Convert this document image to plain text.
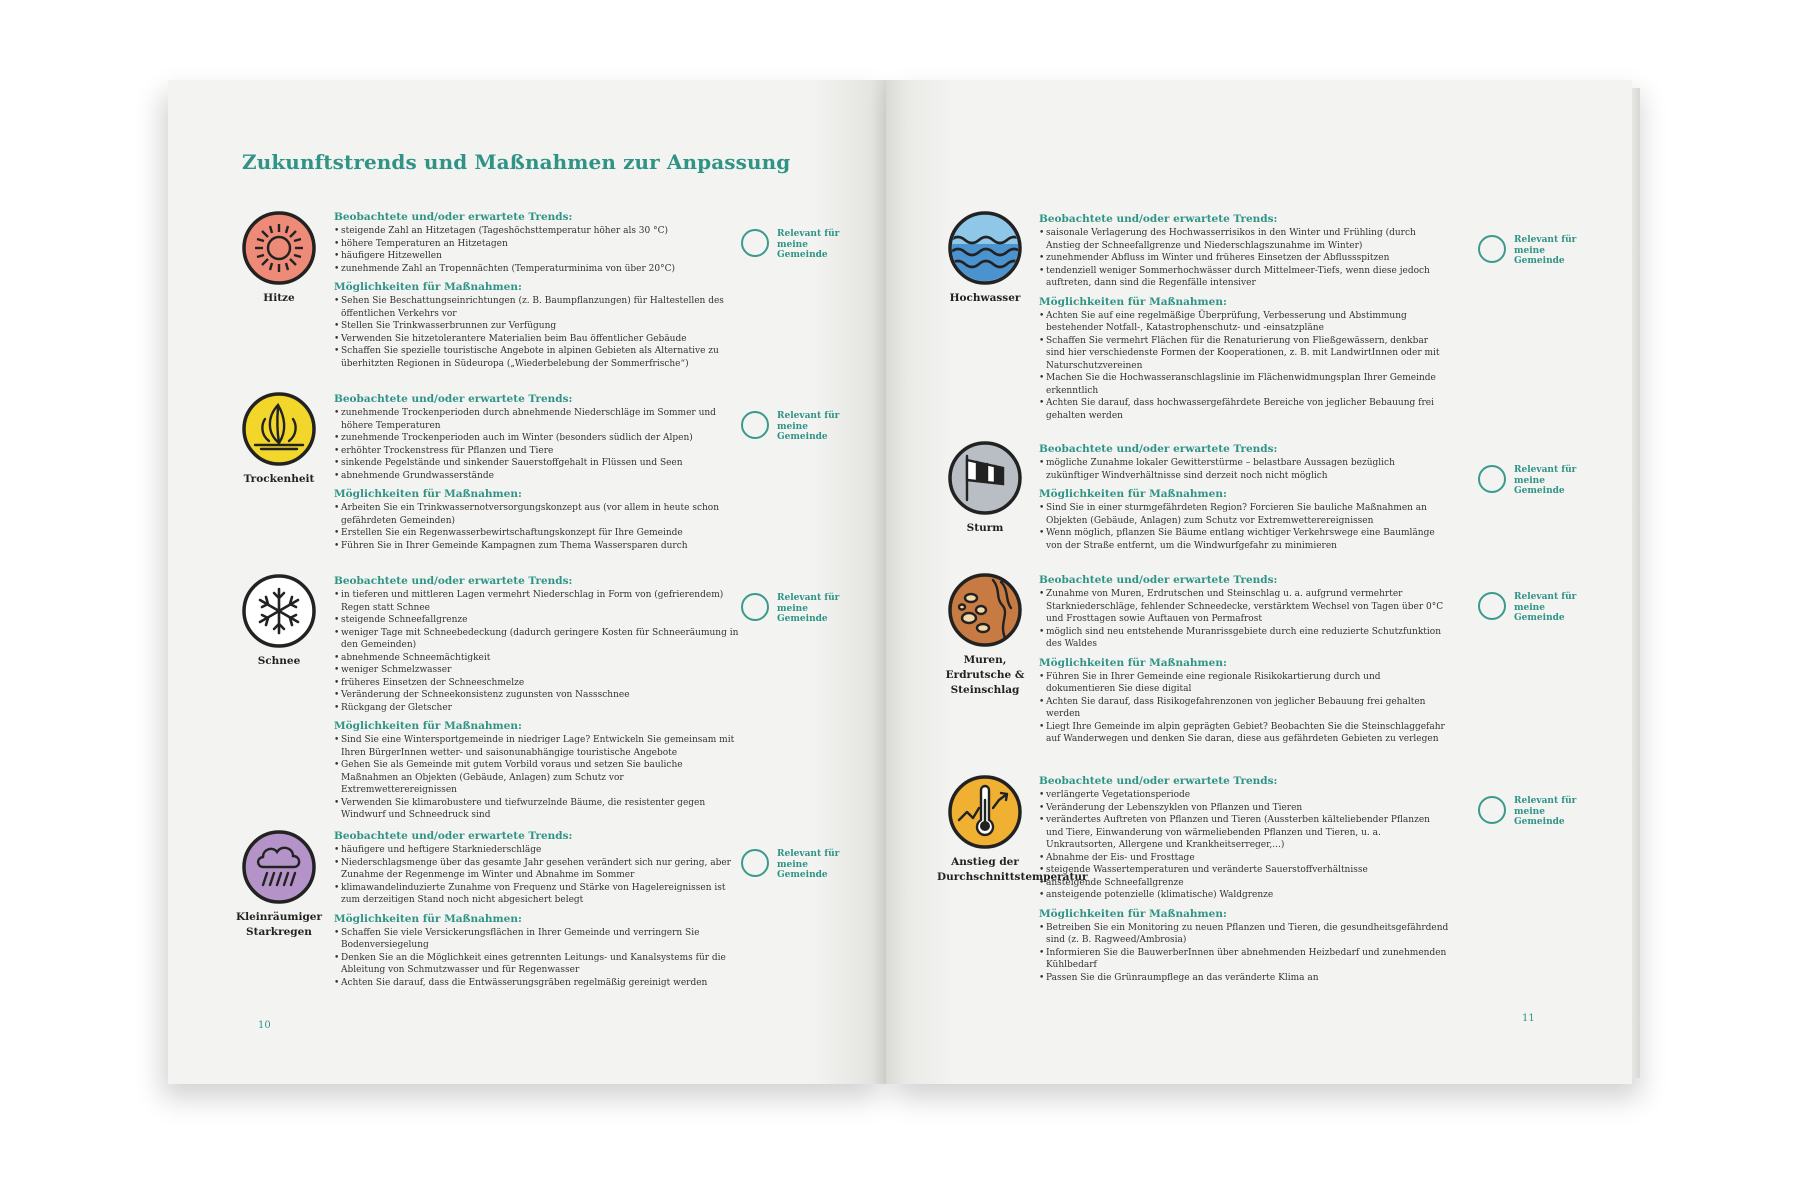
Zukunftstrends und Maßnahmen zur Anpassung
Hitze
Beobachtete und/oder erwartete Trends:
• steigende Zahl an Hitzetagen (Tageshöchsttemperatur höher als 30 °C)
• höhere Temperaturen an Hitzetagen
• häufigere Hitzewellen
• zunehmende Zahl an Tropennächten (Temperaturminima von über 20°C)
Möglichkeiten für Maßnahmen:
• Sehen Sie Beschattungseinrichtungen (z. B. Baumpflanzungen) für Haltestellen des öffentlichen Verkehrs vor
• Stellen Sie Trinkwasserbrunnen zur Verfügung
• Verwenden Sie hitzetolerantere Materialien beim Bau öffentlicher Gebäude
• Schaffen Sie spezielle touristische Angebote in alpinen Gebieten als Alternative zu überhitzten Regionen in Südeuropa („Wiederbelebung der Sommerfrische“)
Relevant für meine Gemeinde
Trockenheit
Beobachtete und/oder erwartete Trends:
• zunehmende Trockenperioden durch abnehmende Niederschläge im Sommer und höhere Temperaturen
• zunehmende Trockenperioden auch im Winter (besonders südlich der Alpen)
• erhöhter Trockenstress für Pflanzen und Tiere
• sinkende Pegelstände und sinkender Sauerstoffgehalt in Flüssen und Seen
• abnehmende Grundwasserstände
Möglichkeiten für Maßnahmen:
• Arbeiten Sie ein Trinkwassernotversorgungskonzept aus (vor allem in heute schon gefährdeten Gemeinden)
• Erstellen Sie ein Regenwasserbewirtschaftungskonzept für Ihre Gemeinde
• Führen Sie in Ihrer Gemeinde Kampagnen zum Thema Wassersparen durch
Relevant für meine Gemeinde
Schnee
Beobachtete und/oder erwartete Trends:
• in tieferen und mittleren Lagen vermehrt Niederschlag in Form von (gefrierendem) Regen statt Schnee
• steigende Schneefallgrenze
• weniger Tage mit Schneebedeckung (dadurch geringere Kosten für Schneeräumung in den Gemeinden)
• abnehmende Schneemächtigkeit
• weniger Schmelzwasser
• früheres Einsetzen der Schneeschmelze
• Veränderung der Schneekonsistenz zugunsten von Nassschnee
• Rückgang der Gletscher
Möglichkeiten für Maßnahmen:
• Sind Sie eine Wintersportgemeinde in niedriger Lage? Entwickeln Sie gemeinsam mit Ihren BürgerInnen wetter- und saisonunabhängige touristische Angebote
• Gehen Sie als Gemeinde mit gutem Vorbild voraus und setzen Sie bauliche Maßnahmen an Objekten (Gebäude, Anlagen) zum Schutz vor Extremwetterereignissen
• Verwenden Sie klimarobustere und tiefwurzelnde Bäume, die resistenter gegen Windwurf und Schneedruck sind
Relevant für meine Gemeinde
Kleinräumiger Starkregen
Beobachtete und/oder erwartete Trends:
• häufigere und heftigere Starkniederschläge
• Niederschlagsmenge über das gesamte Jahr gesehen verändert sich nur gering, aber Zunahme der Regenmenge im Winter und Abnahme im Sommer
• klimawandelinduzierte Zunahme von Frequenz und Stärke von Hagelereignissen ist zum derzeitigen Stand noch nicht abgesichert belegt
Möglichkeiten für Maßnahmen:
• Schaffen Sie viele Versickerungsflächen in Ihrer Gemeinde und verringern Sie Bodenversiegelung
• Denken Sie an die Möglichkeit eines getrennten Leitungs- und Kanalsystems für die Ableitung von Schmutzwasser und für Regenwasser
• Achten Sie darauf, dass die Entwässerungsgräben regelmäßig gereinigt werden
Relevant für meine Gemeinde
10
Hochwasser
Beobachtete und/oder erwartete Trends:
• saisonale Verlagerung des Hochwasserrisikos in den Winter und Frühling (durch Anstieg der Schneefallgrenze und Niederschlagszunahme im Winter)
• zunehmender Abfluss im Winter und früheres Einsetzen der Abflussspitzen
• tendenziell weniger Sommerhochwässer durch Mittelmeer-Tiefs, wenn diese jedoch auftreten, dann sind die Regenfälle intensiver
Möglichkeiten für Maßnahmen:
• Achten Sie auf eine regelmäßige Überprüfung, Verbesserung und Abstimmung bestehender Notfall-, Katastrophenschutz- und -einsatzpläne
• Schaffen Sie vermehrt Flächen für die Renaturierung von Fließgewässern, denkbar sind hier verschiedenste Formen der Kooperationen, z. B. mit LandwirtInnen oder mit Naturschutzvereinen
• Machen Sie die Hochwasseranschlagslinie im Flächenwidmungsplan Ihrer Gemeinde erkenntlich
• Achten Sie darauf, dass hochwassergefährdete Bereiche von jeglicher Bebauung frei gehalten werden
Relevant für meine Gemeinde
Sturm
Beobachtete und/oder erwartete Trends:
• mögliche Zunahme lokaler Gewitterstürme – belastbare Aussagen bezüglich zukünftiger Windverhältnisse sind derzeit noch nicht möglich
Möglichkeiten für Maßnahmen:
• Sind Sie in einer sturmgefährdeten Region? Forcieren Sie bauliche Maßnahmen an Objekten (Gebäude, Anlagen) zum Schutz vor Extremwetterereignissen
• Wenn möglich, pflanzen Sie Bäume entlang wichtiger Verkehrswege eine Baumlänge von der Straße entfernt, um die Windwurfgefahr zu minimieren
Relevant für meine Gemeinde
Muren, Erdrutsche & Steinschlag
Beobachtete und/oder erwartete Trends:
• Zunahme von Muren, Erdrutschen und Steinschlag u. a. aufgrund vermehrter Starkniederschläge, fehlender Schneedecke, verstärktem Wechsel von Tagen über 0°C und Frosttagen sowie Auftauen von Permafrost
• möglich sind neu entstehende Muranrissgebiete durch eine reduzierte Schutzfunktion des Waldes
Möglichkeiten für Maßnahmen:
• Führen Sie in Ihrer Gemeinde eine regionale Risikokartierung durch und dokumentieren Sie diese digital
• Achten Sie darauf, dass Risikogefahrenzonen von jeglicher Bebauung frei gehalten werden
• Liegt Ihre Gemeinde im alpin geprägten Gebiet? Beobachten Sie die Steinschlaggefahr auf Wanderwegen und denken Sie daran, diese aus gefährdeten Gebieten zu verlegen
Relevant für meine Gemeinde
Anstieg der Durchschnittstemperatur
Beobachtete und/oder erwartete Trends:
• verlängerte Vegetationsperiode
• Veränderung der Lebenszyklen von Pflanzen und Tieren
• verändertes Auftreten von Pflanzen und Tieren (Aussterben kälteliebender Pflanzen und Tiere, Einwanderung von wärmeliebenden Pflanzen und Tieren, u. a. Unkrautsorten, Allergene und Krankheitserreger,...)
• Abnahme der Eis- und Frosttage
• steigende Wassertemperaturen und veränderte Sauerstoffverhältnisse
• ansteigende Schneefallgrenze
• ansteigende potenzielle (klimatische) Waldgrenze
Möglichkeiten für Maßnahmen:
• Betreiben Sie ein Monitoring zu neuen Pflanzen und Tieren, die gesundheitsgefährdend sind (z. B. Ragweed/Ambrosia)
• Informieren Sie die BauwerberInnen über abnehmenden Heizbedarf und zunehmenden Kühlbedarf
• Passen Sie die Grünraumpflege an das veränderte Klima an
Relevant für meine Gemeinde
11
